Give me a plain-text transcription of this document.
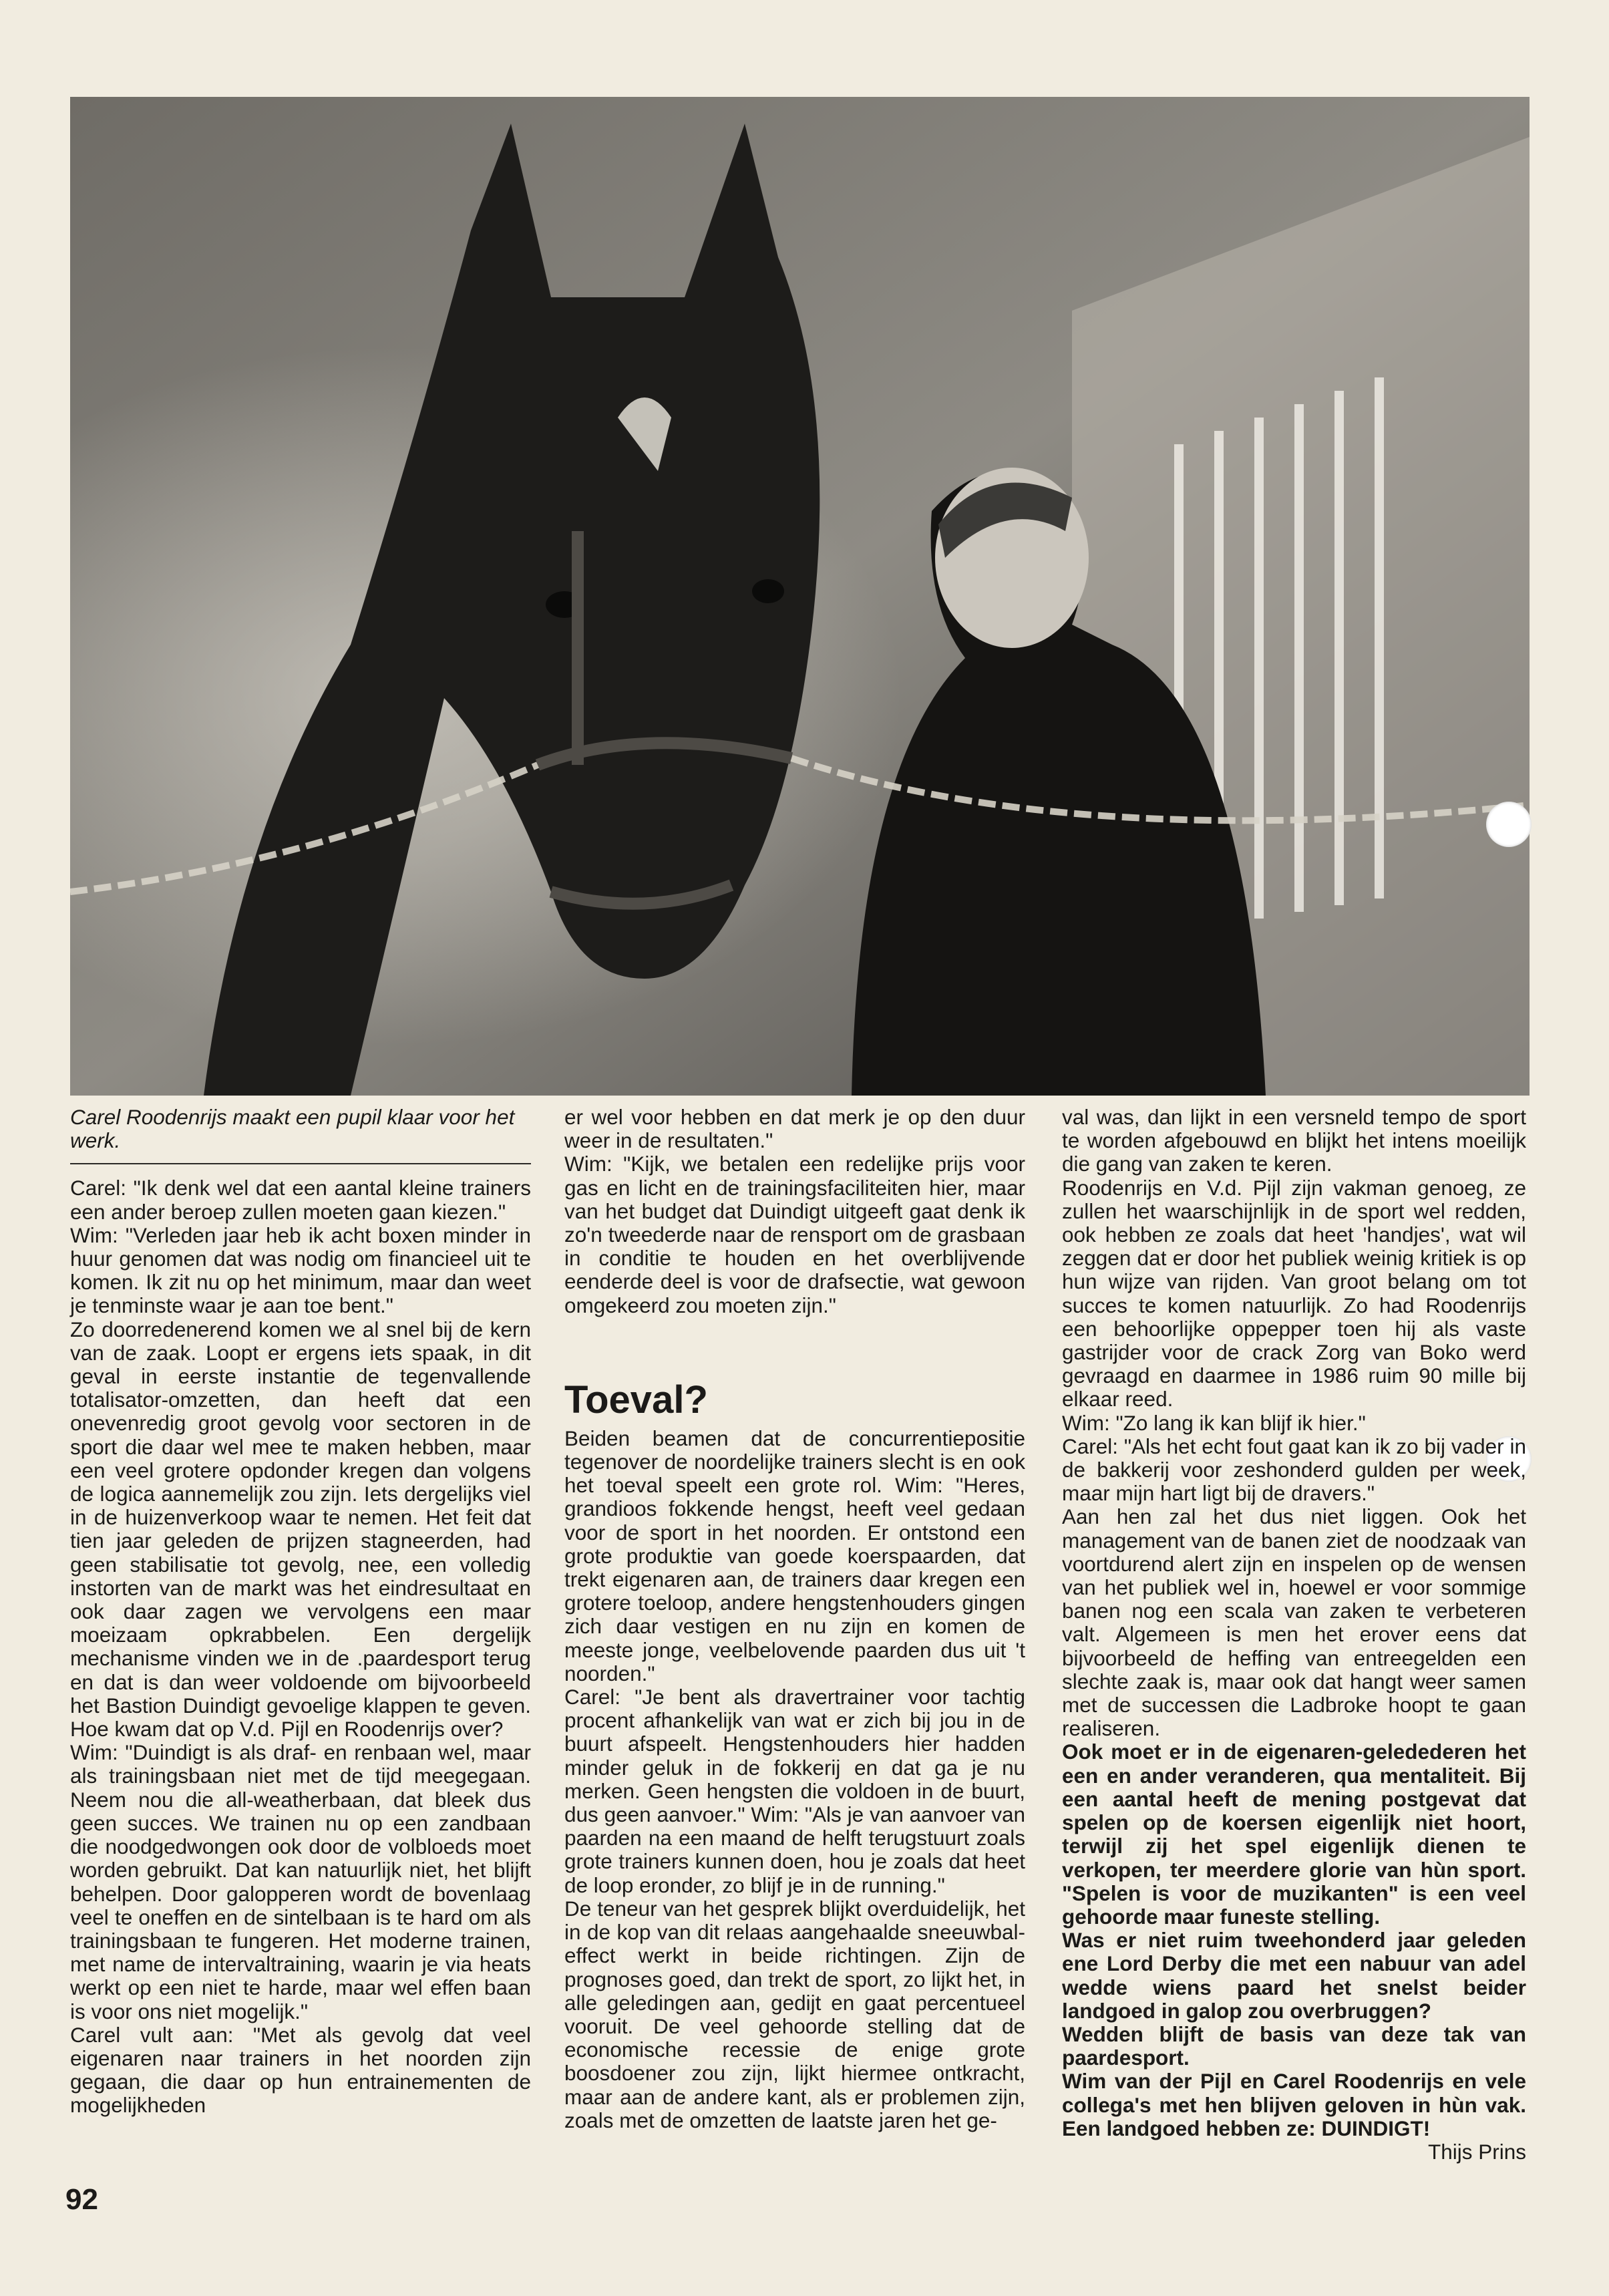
Carel Roodenrijs maakt een pupil klaar voor het werk.

Carel: "Ik denk wel dat een aantal kleine trainers een ander beroep zullen moeten gaan kiezen."

Wim: "Verleden jaar heb ik acht boxen minder in huur genomen dat was nodig om financieel uit te komen. Ik zit nu op het minimum, maar dan weet je tenminste waar je aan toe bent."

Zo doorredenerend komen we al snel bij de kern van de zaak. Loopt er ergens iets spaak, in dit geval in eerste instantie de tegenvallende totalisator-omzetten, dan heeft dat een onevenredig groot gevolg voor sectoren in de sport die daar wel mee te maken hebben, maar een veel grotere opdonder kregen dan volgens de logica aannemelijk zou zijn. Iets dergelijks viel in de huizenverkoop waar te nemen. Het feit dat tien jaar geleden de prijzen stagneerden, had geen stabilisatie tot gevolg, nee, een volledig instorten van de markt was het eindresultaat en ook daar zagen we vervolgens een maar moeizaam opkrabbelen. Een dergelijk mechanisme vinden we in de .paardesport terug en dat is dan weer voldoende om bijvoorbeeld het Bastion Duindigt gevoelige klappen te geven. Hoe kwam dat op V.d. Pijl en Roodenrijs over?

Wim: "Duindigt is als draf- en renbaan wel, maar als trainingsbaan niet met de tijd meegegaan. Neem nou die all-weatherbaan, dat bleek dus geen succes. We trainen nu op een zandbaan die noodgedwongen ook door de volbloeds moet worden gebruikt. Dat kan natuurlijk niet, het blijft behelpen. Door galopperen wordt de bovenlaag veel te oneffen en de sintelbaan is te hard om als trainingsbaan te fungeren. Het moderne trainen, met name de intervaltraining, waarin je via heats werkt op een niet te harde, maar wel effen baan is voor ons niet mogelijk."

Carel vult aan: "Met als gevolg dat veel eigenaren naar trainers in het noorden zijn gegaan, die daar op hun entrainementen de mogelijkheden

er wel voor hebben en dat merk je op den duur weer in de resultaten."

Wim: "Kijk, we betalen een redelijke prijs voor gas en licht en de trainingsfaciliteiten hier, maar van het budget dat Duindigt uitgeeft gaat denk ik zo'n tweederde naar de rensport om de grasbaan in conditie te houden en het overblijvende eenderde deel is voor de drafsectie, wat gewoon omgekeerd zou moeten zijn."

Toeval?

Beiden beamen dat de concurrentiepositie tegenover de noordelijke trainers slecht is en ook het toeval speelt een grote rol. Wim: "Heres, grandioos fokkende hengst, heeft veel gedaan voor de sport in het noorden. Er ontstond een grote produktie van goede koerspaarden, dat trekt eigenaren aan, de trainers daar kregen een grotere toeloop, andere hengstenhouders gingen zich daar vestigen en nu zijn en komen de meeste jonge, veelbelovende paarden dus uit 't noorden."

Carel: "Je bent als dravertrainer voor tachtig procent afhankelijk van wat er zich bij jou in de buurt afspeelt. Hengstenhouders hier hadden minder geluk in de fokkerij en dat ga je nu merken. Geen hengsten die voldoen in de buurt, dus geen aanvoer." Wim: "Als je van aanvoer van paarden na een maand de helft terugstuurt zoals grote trainers kunnen doen, hou je zoals dat heet de loop eronder, zo blijf je in de running."

De teneur van het gesprek blijkt overduidelijk, het in de kop van dit relaas aangehaalde sneeuwbal-effect werkt in beide richtingen. Zijn de prognoses goed, dan trekt de sport, zo lijkt het, in alle geledingen aan, gedijt en gaat percentueel vooruit. De veel gehoorde stelling dat de economische recessie de enige grote boosdoener zou zijn, lijkt hiermee ontkracht, maar aan de andere kant, als er problemen zijn, zoals met de omzetten de laatste jaren het ge-

val was, dan lijkt in een versneld tempo de sport te worden afgebouwd en blijkt het intens moeilijk die gang van zaken te keren.

Roodenrijs en V.d. Pijl zijn vakman genoeg, ze zullen het waarschijnlijk in de sport wel redden, ook hebben ze zoals dat heet 'handjes', wat wil zeggen dat er door het publiek weinig kritiek is op hun wijze van rijden. Van groot belang om tot succes te komen natuurlijk. Zo had Roodenrijs een behoorlijke oppepper toen hij als vaste gastrijder voor de crack Zorg van Boko werd gevraagd en daarmee in 1986 ruim 90 mille bij elkaar reed.

Wim: "Zo lang ik kan blijf ik hier."

Carel: "Als het echt fout gaat kan ik zo bij vader in de bakkerij voor zeshonderd gulden per week, maar mijn hart ligt bij de dravers."

Aan hen zal het dus niet liggen. Ook het management van de banen ziet de noodzaak van voortdurend alert zijn en inspelen op de wensen van het publiek wel in, hoewel er voor sommige banen nog een scala van zaken te verbeteren valt. Algemeen is men het erover eens dat bijvoorbeeld de heffing van entreegelden een slechte zaak is, maar ook dat hangt weer samen met de successen die Ladbroke hoopt te gaan realiseren.

Ook moet er in de eigenaren-geledederen het een en ander veranderen, qua mentaliteit. Bij een aantal heeft de mening postgevat dat spelen op de koersen eigenlijk niet hoort, terwijl zij het spel eigenlijk dienen te verkopen, ter meerdere glorie van hùn sport. "Spelen is voor de muzikanten" is een veel gehoorde maar funeste stelling.

Was er niet ruim tweehonderd jaar geleden ene Lord Derby die met een nabuur van adel wedde wiens paard het snelst beider landgoed in galop zou overbruggen?

Wedden blijft de basis van deze tak van paardesport.

Wim van der Pijl en Carel Roodenrijs en vele collega's met hen blijven geloven in hùn vak. Een landgoed hebben ze: DUINDIGT!

Thijs Prins

92
